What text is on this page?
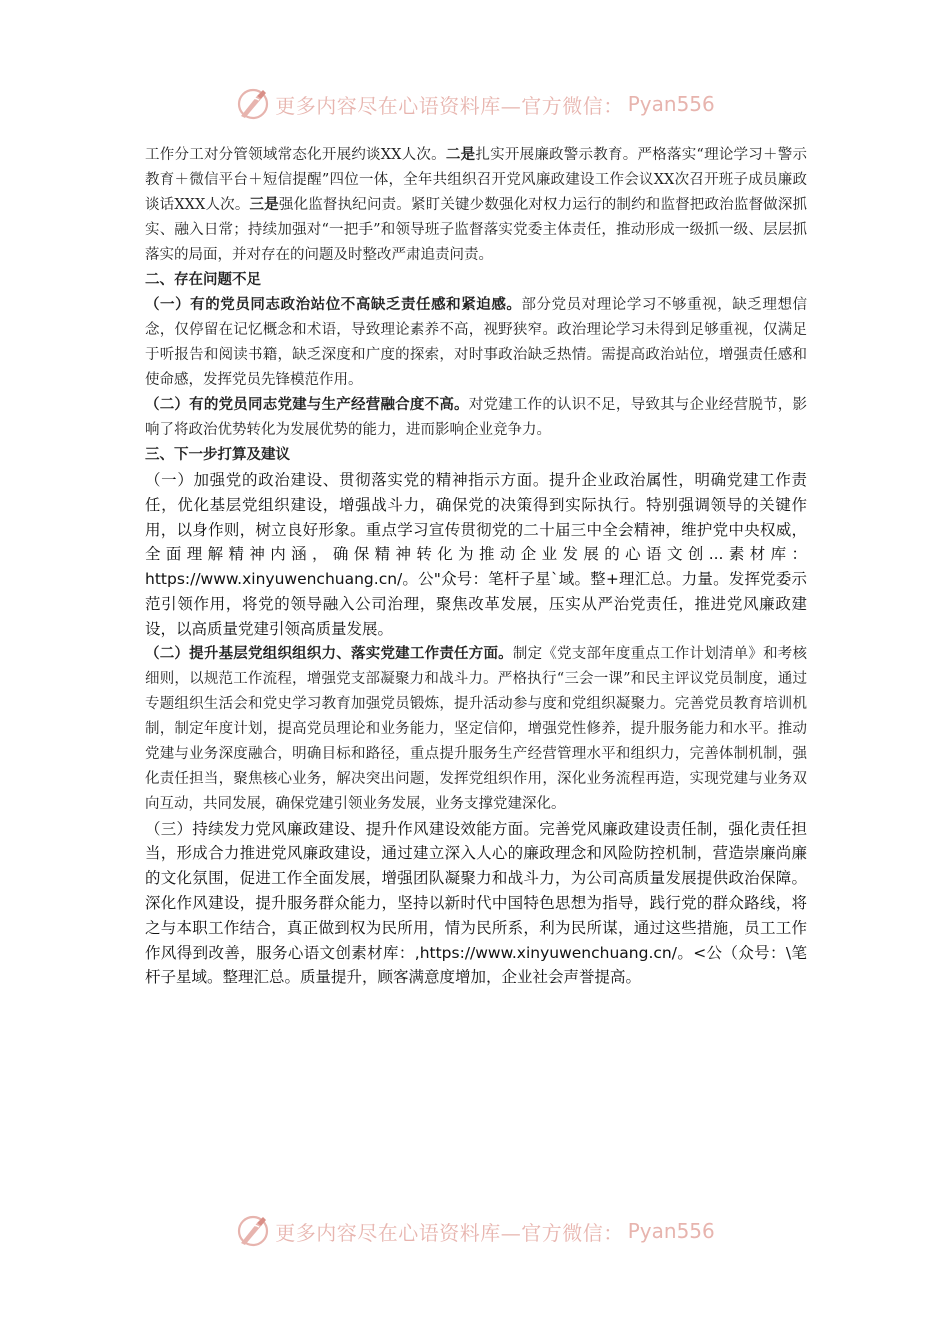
更多内容尽在心语资料库—官方微信： Pyan556

工作分工对分管领域常态化开展约谈XX人次。二是扎实开展廉政警示教育。严格落实“理论学习＋警示教育＋微信平台＋短信提醒”四位一体，全年共组织召开党风廉政建设工作会议XX次召开班子成员廉政谈话XXX人次。三是强化监督执纪问责。紧盯关键少数强化对权力运行的制约和监督把政治监督做深抓实、融入日常；持续加强对“一把手”和领导班子监督落实党委主体责任，推动形成一级抓一级、层层抓落实的局面，并对存在的问题及时整改严肃追责问责。

二、存在问题不足

（一）有的党员同志政治站位不高缺乏责任感和紧迫感。部分党员对理论学习不够重视，缺乏理想信念，仅停留在记忆概念和术语，导致理论素养不高，视野狭窄。政治理论学习未得到足够重视，仅满足于听报告和阅读书籍，缺乏深度和广度的探索，对时事政治缺乏热情。需提高政治站位，增强责任感和使命感，发挥党员先锋模范作用。

（二）有的党员同志党建与生产经营融合度不高。对党建工作的认识不足，导致其与企业经营脱节，影响了将政治优势转化为发展优势的能力，进而影响企业竞争力。

三、下一步打算及建议

（一）加强党的政治建设、贯彻落实党的精神指示方面。提升企业政治属性，明确党建工作责任，优化基层党组织建设，增强战斗力，确保党的决策得到实际执行。特别强调领导的关键作用，以身作则，树立良好形象。重点学习宣传贯彻党的二十届三中全会精神，维护党中央权威，全面理解精神内涵，确保精神转化为推动企业发展的心语文创...素材库：https://www.xinyuwenchuang.cn/。公"众号：笔杆子星`域。整+理汇总。力量。发挥党委示范引领作用，将党的领导融入公司治理，聚焦改革发展，压实从严治党责任，推进党风廉政建设，以高质量党建引领高质量发展。

（二）提升基层党组织组织力、落实党建工作责任方面。制定《党支部年度重点工作计划清单》和考核细则，以规范工作流程，增强党支部凝聚力和战斗力。严格执行“三会一课”和民主评议党员制度，通过专题组织生活会和党史学习教育加强党员锻炼，提升活动参与度和党组织凝聚力。完善党员教育培训机制，制定年度计划，提高党员理论和业务能力，坚定信仰，增强党性修养，提升服务能力和水平。推动党建与业务深度融合，明确目标和路径，重点提升服务生产经营管理水平和组织力，完善体制机制，强化责任担当，聚焦核心业务，解决突出问题，发挥党组织作用，深化业务流程再造，实现党建与业务双向互动，共同发展，确保党建引领业务发展，业务支撑党建深化。

（三）持续发力党风廉政建设、提升作风建设效能方面。完善党风廉政建设责任制，强化责任担当，形成合力推进党风廉政建设，通过建立深入人心的廉政理念和风险防控机制，营造崇廉尚廉的文化氛围，促进工作全面发展，增强团队凝聚力和战斗力，为公司高质量发展提供政治保障。深化作风建设，提升服务群众能力，坚持以新时代中国特色思想为指导，践行党的群众路线，将之与本职工作结合，真正做到权为民所用，情为民所系，利为民所谋，通过这些措施，员工工作作风得到改善，服务心语文创素材库：,https://www.xinyuwenchuang.cn/。<公（众号：\笔杆子星域。整理汇总。质量提升，顾客满意度增加，企业社会声誉提高。

更多内容尽在心语资料库—官方微信： Pyan556
